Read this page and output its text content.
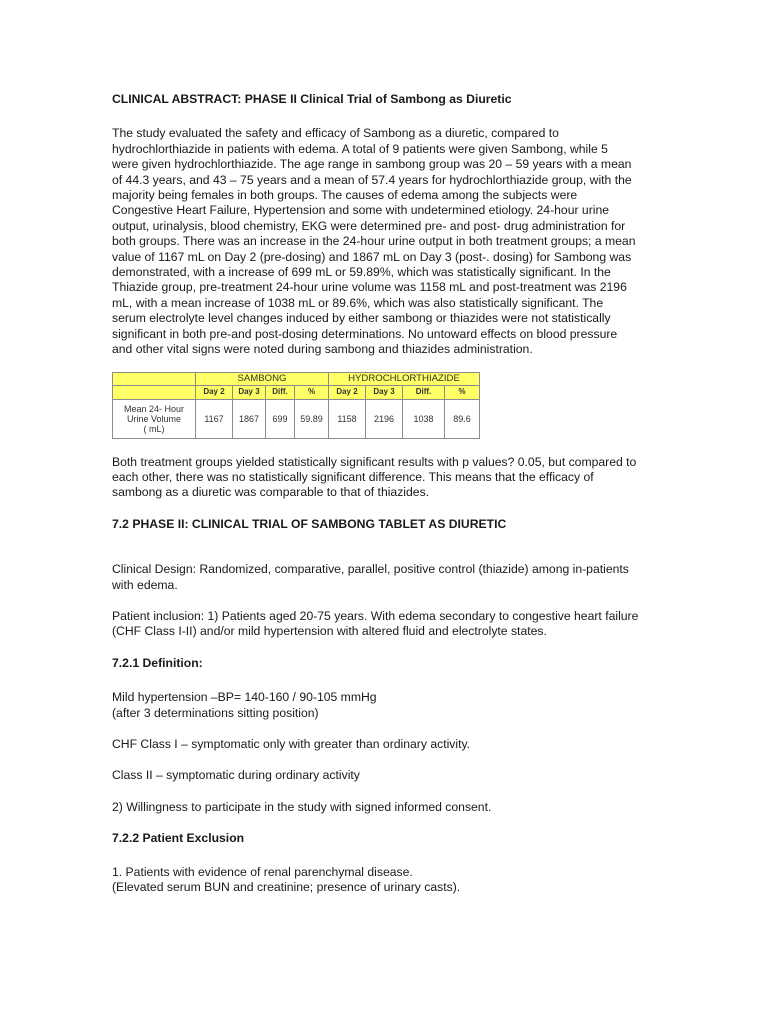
CLINICAL ABSTRACT: PHASE II Clinical Trial of Sambong as Diuretic
The study evaluated the safety and efficacy of Sambong as a diuretic, compared to
hydrochlorthiazide in patients with edema. A total of 9 patients were given Sambong, while 5
were given hydrochlorthiazide. The age range in sambong group was 20 – 59 years with a mean
of 44.3 years, and 43 – 75 years and a mean of 57.4 years for hydrochlorthiazide group, with the
majority being females in both groups. The causes of edema among the subjects were
Congestive Heart Failure, Hypertension and some with undetermined etiology. 24-hour urine
output, urinalysis, blood chemistry, EKG were determined pre- and post- drug administration for
both groups. There was an increase in the 24-hour urine output in both treatment groups; a mean
value of 1167 mL on Day 2 (pre-dosing) and 1867 mL on Day 3 (post-. dosing) for Sambong was
demonstrated, with a increase of 699 mL or 59.89%, which was statistically significant. In the
Thiazide group, pre-treatment 24-hour urine volume was 1158 mL and post-treatment was 2196
mL, with a mean increase of 1038 mL or 89.6%, which was also statistically significant. The
serum electrolyte level changes induced by either sambong or thiazides were not statistically
significant in both pre-and post-dosing determinations. No untoward effects on blood pressure
and other vital signs were noted during sambong and thiazides administration.
	SAMBONG				HYDROCHLORTHIAZIDE			
	Day 2	Day 3	Diff.	%	Day 2	Day 3	Diff.	%

Mean 24- Hour
Urine Volume
( mL)	1167	1867	699	59.89	1158	2196	1038	89.6
Both treatment groups yielded statistically significant results with p values? 0.05, but compared to
each other, there was no statistically significant difference. This means that the efficacy of
sambong as a diuretic was comparable to that of thiazides.
7.2 PHASE II: CLINICAL TRIAL OF SAMBONG TABLET AS DIURETIC
Clinical Design: Randomized, comparative, parallel, positive control (thiazide) among in-patients
with edema.
Patient inclusion: 1) Patients aged 20-75 years. With edema secondary to congestive heart failure
(CHF Class I-II) and/or mild hypertension with altered fluid and electrolyte states.
7.2.1 Definition:
Mild hypertension –BP= 140-160 / 90-105 mmHg
(after 3 determinations sitting position)
CHF Class I – symptomatic only with greater than ordinary activity.
Class II – symptomatic during ordinary activity
2) Willingness to participate in the study with signed informed consent.
7.2.2 Patient Exclusion
1. Patients with evidence of renal parenchymal disease.
(Elevated serum BUN and creatinine; presence of urinary casts).
